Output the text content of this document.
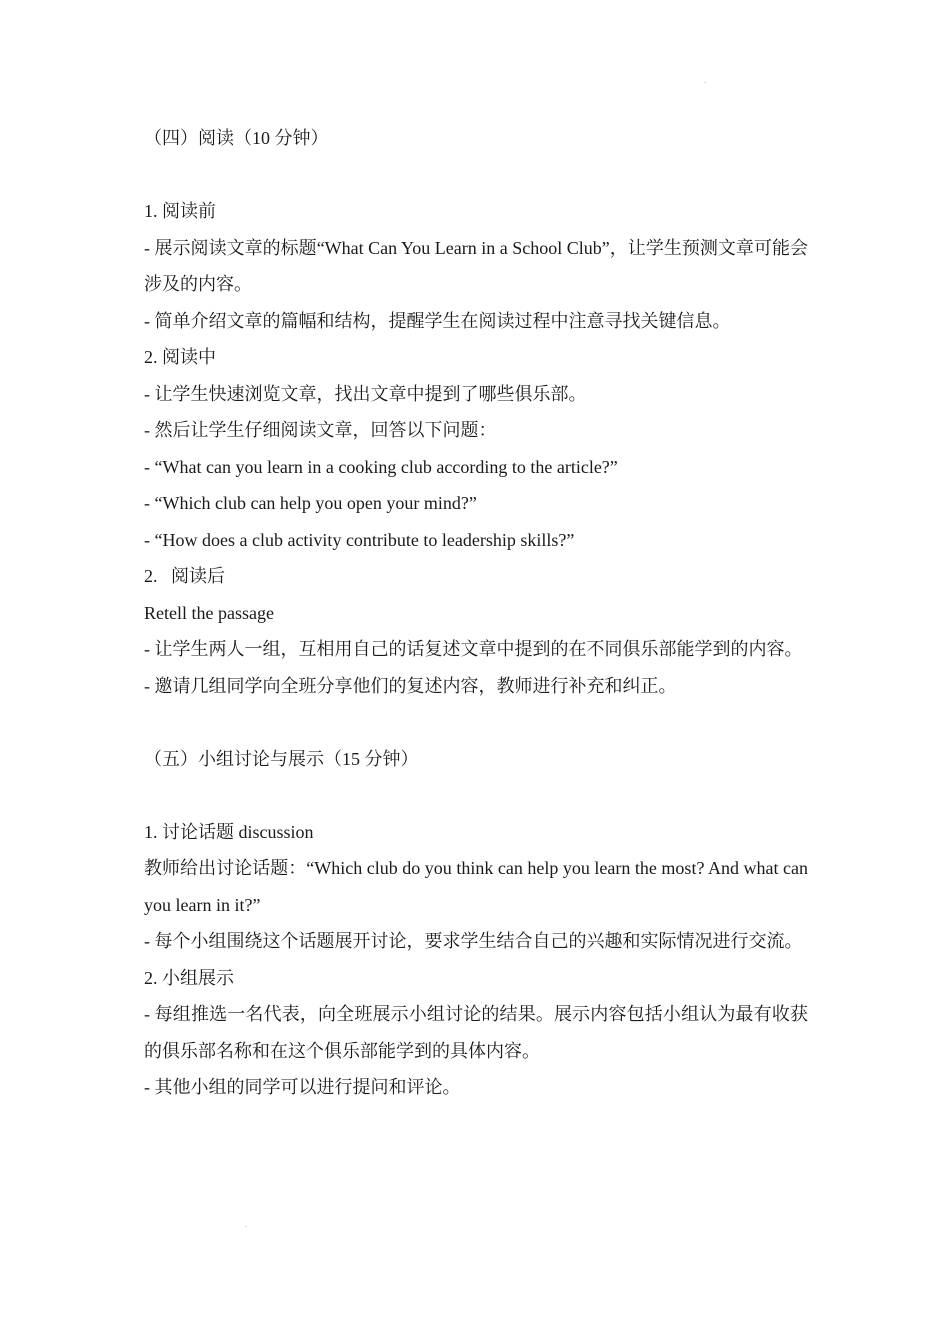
-
（四）阅读（10 分钟）
1. 阅读前
- 展示阅读文章的标题“What Can You Learn in a School Club”，让学生预测文章可能会涉及的内容。
- 简单介绍文章的篇幅和结构，提醒学生在阅读过程中注意寻找关键信息。
2. 阅读中
- 让学生快速浏览文章，找出文章中提到了哪些俱乐部。
- 然后让学生仔细阅读文章，回答以下问题：
- “What can you learn in a cooking club according to the article?”
- “Which club can help you open your mind?”
- “How does a club activity contribute to leadership skills?”
2.   阅读后
Retell the passage
- 让学生两人一组，互相用自己的话复述文章中提到的在不同俱乐部能学到的内容。
- 邀请几组同学向全班分享他们的复述内容，教师进行补充和纠正。
（五）小组讨论与展示（15 分钟）
1. 讨论话题 discussion
教师给出讨论话题：“Which club do you think can help you learn the most? And what can you learn in it?”
- 每个小组围绕这个话题展开讨论，要求学生结合自己的兴趣和实际情况进行交流。
2. 小组展示
- 每组推选一名代表，向全班展示小组讨论的结果。展示内容包括小组认为最有收获的俱乐部名称和在这个俱乐部能学到的具体内容。
- 其他小组的同学可以进行提问和评论。
-
